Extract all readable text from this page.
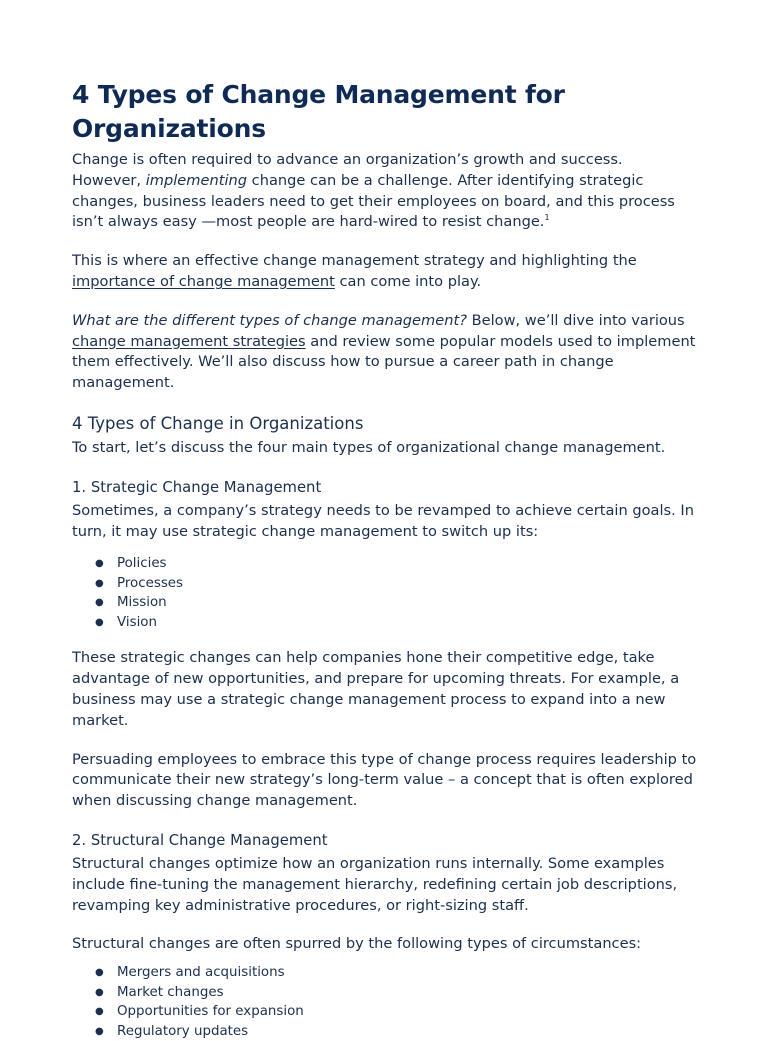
4 Types of Change Management for Organizations

Change is often required to advance an organization’s growth and success.
However, implementing change can be a challenge. After identifying strategic changes, business leaders need to get their employees on board, and this process isn’t always easy —most people are hard-wired to resist change.$^1$

This is where an effective change management strategy and highlighting the importance of change management can come into play.

What are the different types of change management? Below, we’ll dive into various change management strategies and review some popular models used to implement them effectively. We’ll also discuss how to pursue a career path in change management.

4 Types of Change in Organizations

To start, let’s discuss the four main types of organizational change management.

1. Strategic Change Management

Sometimes, a company’s strategy needs to be revamped to achieve certain goals. In turn, it may use strategic change management to switch up its:

● Policies
● Processes
● Mission
● Vision

These strategic changes can help companies hone their competitive edge, take advantage of new opportunities, and prepare for upcoming threats. For example, a business may use a strategic change management process to expand into a new market.

Persuading employees to embrace this type of change process requires leadership to communicate their new strategy’s long-term value – a concept that is often explored when discussing change management.

2. Structural Change Management

Structural changes optimize how an organization runs internally. Some examples include fine-tuning the management hierarchy, redefining certain job descriptions, revamping key administrative procedures, or right-sizing staff.

Structural changes are often spurred by the following types of circumstances:

● Mergers and acquisitions
● Market changes
● Opportunities for expansion
● Regulatory updates
